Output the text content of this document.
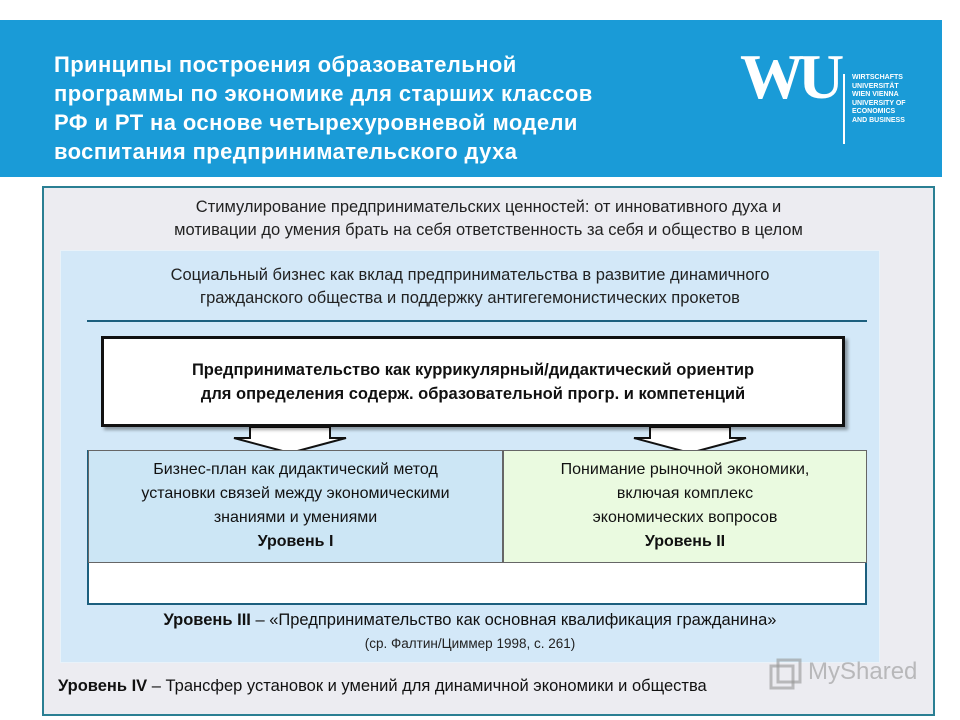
Принципы построения образовательной
программы по экономике для старших классов
РФ и РТ на основе четырехуровневой модели
воспитания предпринимательского духа
WU	WIRTSCHAFTS
UNIVERSITÄT
WIEN VIENNA
UNIVERSITY OF
ECONOMICS
AND BUSINESS
Стимулирование предпринимательских ценностей: от инновативного духа и
мотивации до умения брать на себя ответственность за себя и общество в целом
Социальный бизнес как вклад предпринимательства в развитие динамичного
гражданского общества и поддержку антигегемонистических прокетов
Предпринимательство как куррикулярный/дидактический ориентир
для определения содерж. образовательной прогр. и компетенций
Бизнес-план как дидактический метод
установки связей между экономическими
знаниями и умениями
Уровень I
Понимание рыночной экономики,
включая комплекс
экономических вопросов
Уровень II
Уровень III – «Предпринимательство как основная квалификация гражданина»
(ср. Фалтин/Циммер 1998, с. 261)
Уровень IV – Трансфер установок и умений для динамичной экономики и общества
MyShared
